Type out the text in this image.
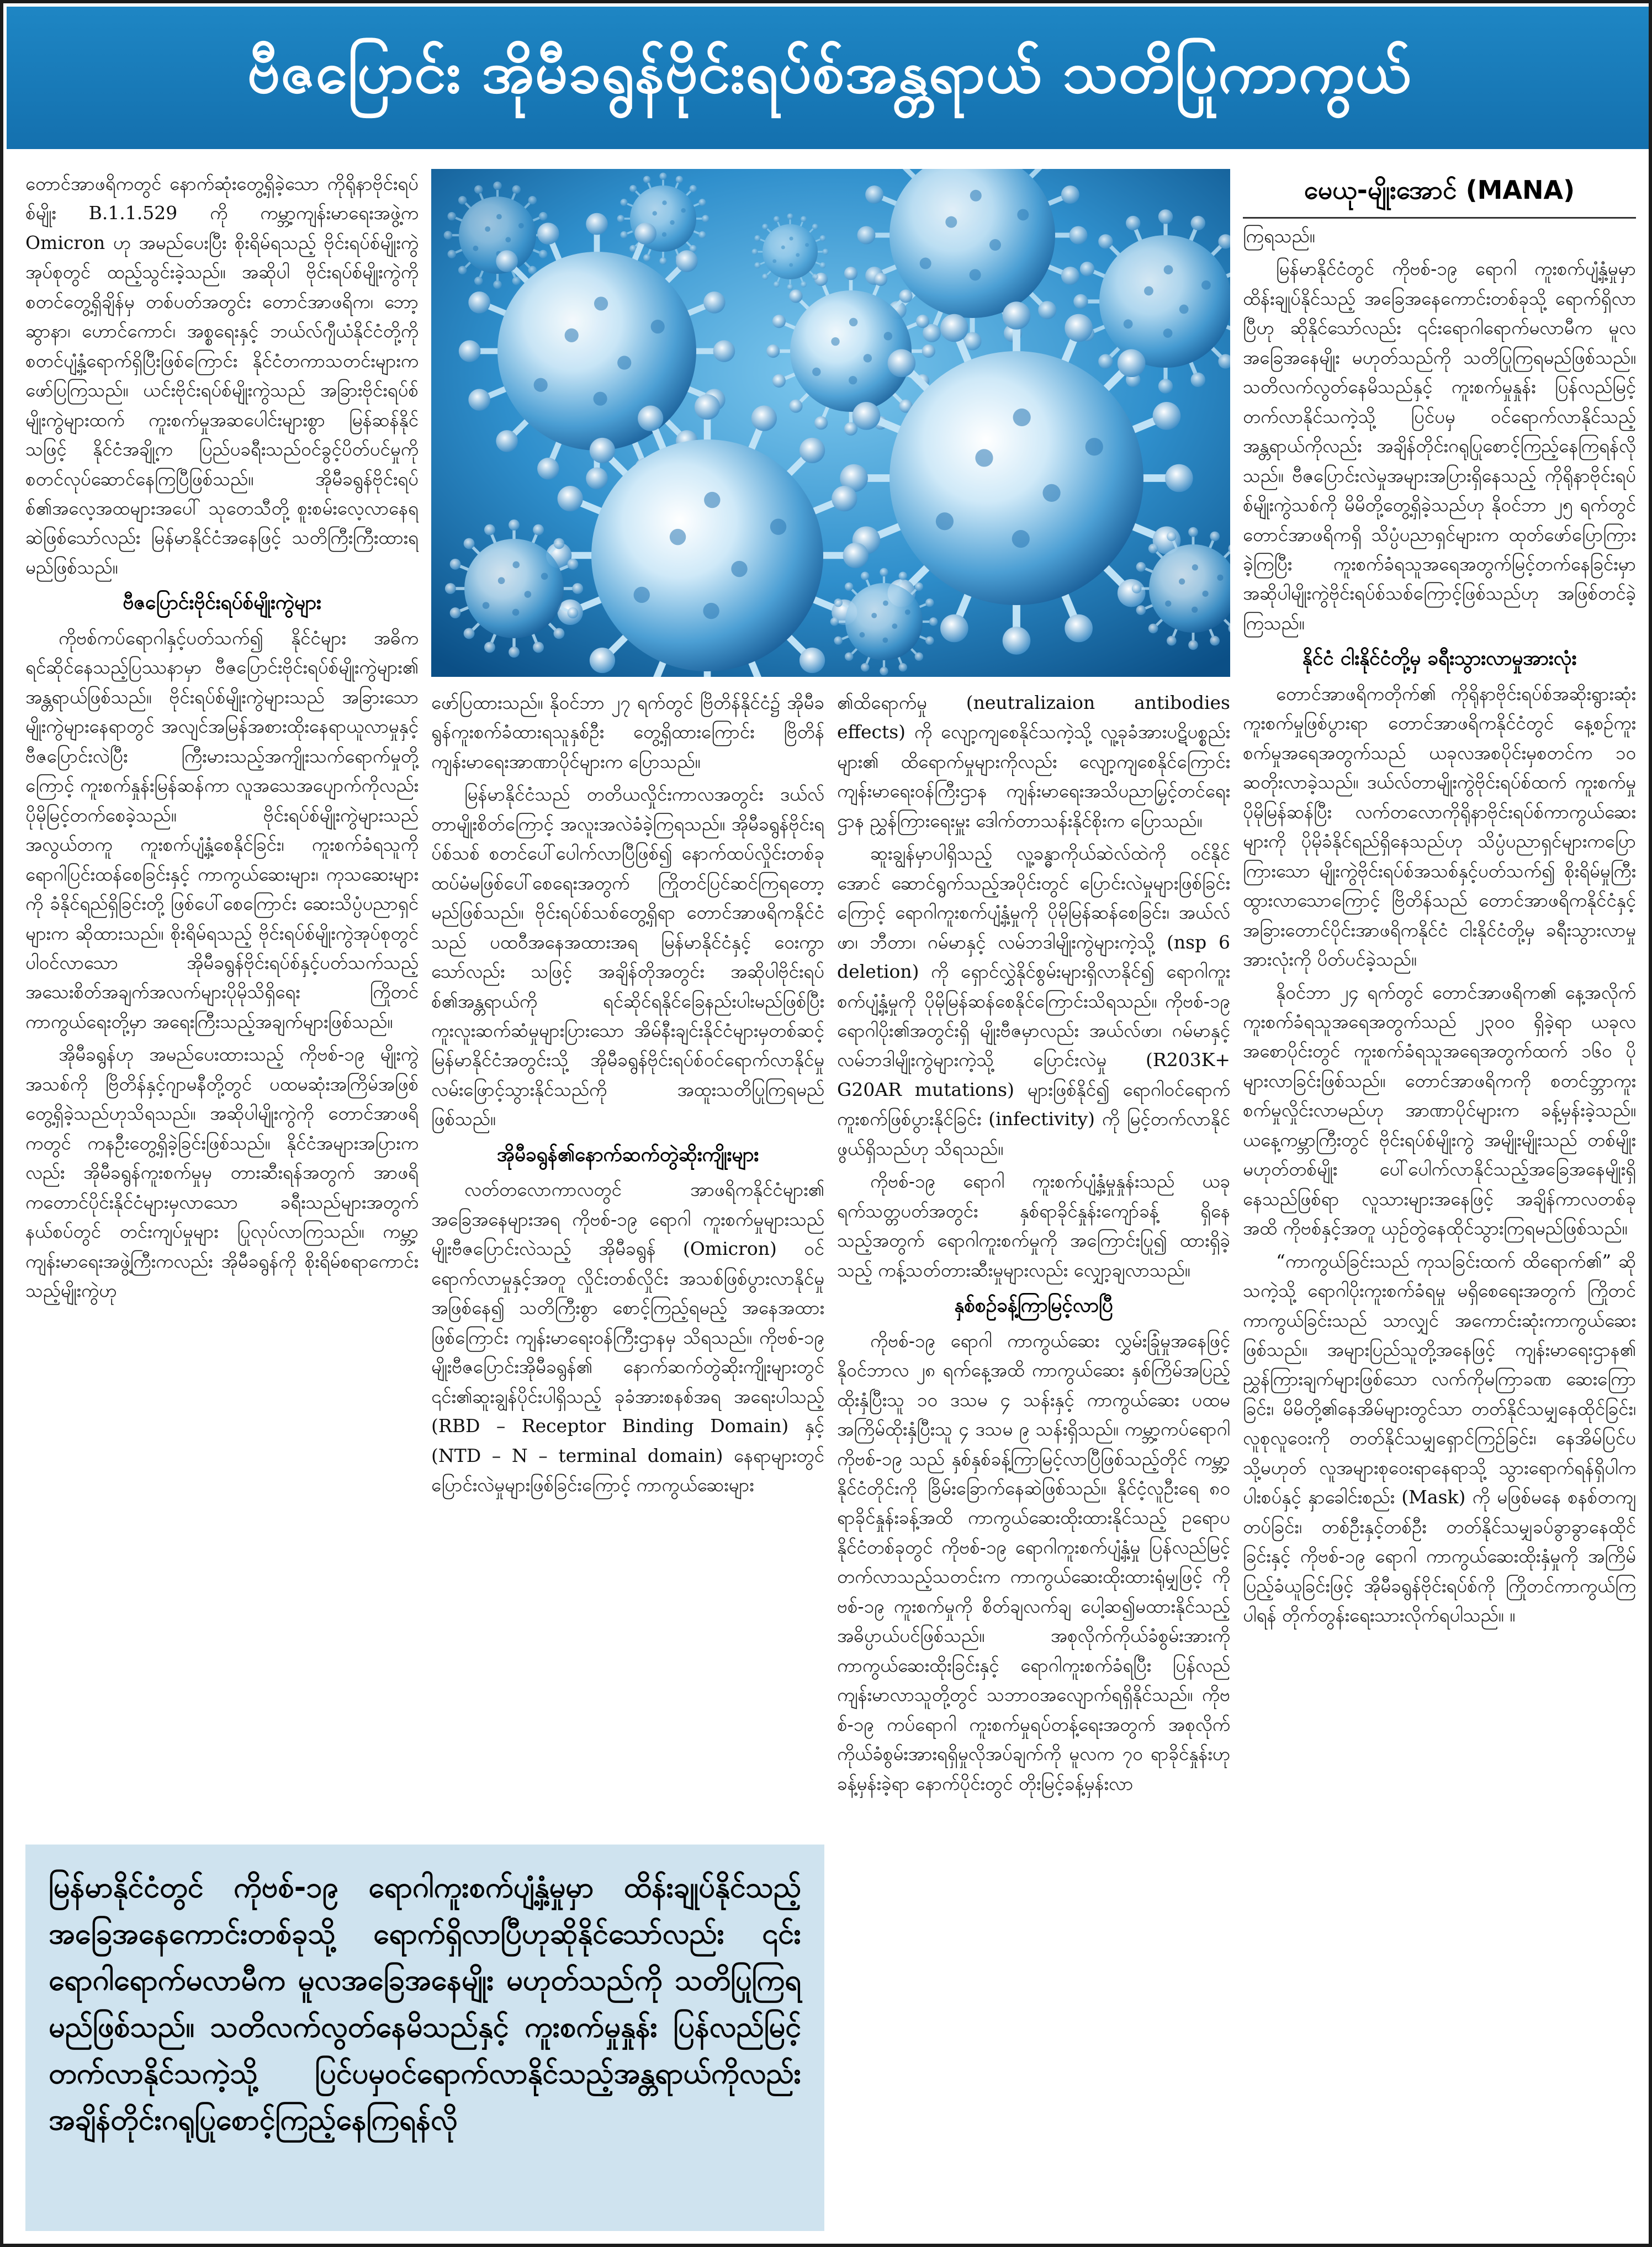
ဗီဇပြောင်း အိုမီခရွန်ဗိုင်းရပ်စ်အန္တရာယ် သတိပြုကာကွယ်

တောင်အာဖရိကတွင် နောက်ဆုံးတွေ့ရှိခဲ့သော ကိုရိုနာဗိုင်းရပ်စ်မျိုး B.1.1.529 ကို ကမ္ဘာ့ကျန်းမာရေးအဖွဲ့က Omicron ဟု အမည်ပေးပြီး စိုးရိမ်ရသည့် ဗိုင်းရပ်စ်မျိုးကွဲအုပ်စုတွင် ထည့်သွင်းခဲ့သည်။ အဆိုပါ ဗိုင်းရပ်စ်မျိုးကွဲကို စတင်တွေ့ရှိချိန်မှ တစ်ပတ်အတွင်း တောင်အာဖရိက၊ ဘော့ဆွာနာ၊ ဟောင်ကောင်၊ အစ္စရေးနှင့် ဘယ်လ်ဂျီယံနိုင်ငံတို့ကို စတင်ပျံ့နှံ့ရောက်ရှိပြီးဖြစ်ကြောင်း နိုင်ငံတကာသတင်းများက ဖော်ပြကြသည်။ ယင်းဗိုင်းရပ်စ်မျိုးကွဲသည် အခြားဗိုင်းရပ်စ်မျိုးကွဲများထက် ကူးစက်မှုအဆပေါင်းများစွာ မြန်ဆန်နိုင်သဖြင့် နိုင်ငံအချို့က ပြည်ပခရီးသည်ဝင်ခွင့်ပိတ်ပင်မှုကို စတင်လုပ်ဆောင်နေကြပြီဖြစ်သည်။ အိုမီခရွန်ဗိုင်းရပ်စ်၏အလေ့အထများအပေါ် သုတေသီတို့ စူးစမ်းလေ့လာနေရဆဲဖြစ်သော်လည်း မြန်မာနိုင်ငံအနေဖြင့် သတိကြီးကြီးထားရမည်ဖြစ်သည်။

ဗီဇပြောင်းဗိုင်းရပ်စ်မျိုးကွဲများ

ကိုဗစ်ကပ်ရောဂါနှင့်ပတ်သက်၍ နိုင်ငံများ အဓိကရင်ဆိုင်နေသည့်ပြဿနာမှာ ဗီဇပြောင်းဗိုင်းရပ်စ်မျိုးကွဲများ၏ အန္တရာယ်ဖြစ်သည်။ ဗိုင်းရပ်စ်မျိုးကွဲများသည် အခြားသောမျိုးကွဲများနေရာတွင် အလျင်အမြန်အစားထိုးနေရာယူလာမှုနှင့် ဗီဇပြောင်းလဲပြီး ကြီးမားသည့်အကျိုးသက်ရောက်မှုတို့ကြောင့် ကူးစက်နှုန်းမြန်ဆန်ကာ လူအသေအပျောက်ကိုလည်း ပိုမိုမြင့်တက်စေခဲ့သည်။ ဗိုင်းရပ်စ်မျိုးကွဲများသည် အလွယ်တကူ ကူးစက်ပျံ့နှံ့စေနိုင်ခြင်း၊ ကူးစက်ခံရသူကို ရောဂါပြင်းထန်စေခြင်းနှင့် ကာကွယ်ဆေးများ၊ ကုသဆေးများကို ခံနိုင်ရည်ရှိခြင်းတို့ ဖြစ်ပေါ်စေကြောင်း ဆေးသိပ္ပံပညာရှင်များက ဆိုထားသည်။ စိုးရိမ်ရသည့် ဗိုင်းရပ်စ်မျိုးကွဲအုပ်စုတွင် ပါဝင်လာသော အိုမီခရွန်ဗိုင်းရပ်စ်နှင့်ပတ်သက်သည့် အသေးစိတ်အချက်အလက်များပိုမိုသိရှိရေး ကြိုတင်ကာကွယ်ရေးတို့မှာ အရေးကြီးသည့်အချက်များဖြစ်သည်။

အိုမီခရွန်ဟု အမည်ပေးထားသည့် ကိုဗစ်-၁၉ မျိုးကွဲအသစ်ကို ဗြိတိန်နှင့်ဂျာမနီတို့တွင် ပထမဆုံးအကြိမ်အဖြစ် တွေ့ရှိခဲ့သည်ဟုသိရသည်။ အဆိုပါမျိုးကွဲကို တောင်အာဖရိကတွင် ကနဦးတွေ့ရှိခဲ့ခြင်းဖြစ်သည်။ နိုင်ငံအများအပြားကလည်း အိုမီခရွန်ကူးစက်မှုမှ တားဆီးရန်အတွက် အာဖရိကတောင်ပိုင်းနိုင်ငံများမှလာသော ခရီးသည်များအတွက် နယ်စပ်တွင် တင်းကျပ်မှုများ ပြုလုပ်လာကြသည်။ ကမ္ဘာ့ကျန်းမာရေးအဖွဲ့ကြီးကလည်း အိုမီခရွန်ကို စိုးရိမ်စရာကောင်းသည့်မျိုးကွဲဟု

ဖော်ပြထားသည်။ နိုဝင်ဘာ ၂၇ ရက်တွင် ဗြိတိန်နိုင်ငံ၌ အိုမီခရွန်ကူးစက်ခံထားရသူနှစ်ဦး တွေ့ရှိထားကြောင်း ဗြိတိန်ကျန်းမာရေးအာဏာပိုင်များက ပြောသည်။

မြန်မာနိုင်ငံသည် တတိယလှိုင်းကာလအတွင်း ဒယ်လ်တာမျိုးစိတ်ကြောင့် အလူးအလဲခံခဲ့ကြရသည်။ အိုမီခရွန်ဗိုင်းရပ်စ်သစ် စတင်ပေါ်ပေါက်လာပြီဖြစ်၍ နောက်ထပ်လှိုင်းတစ်ခု ထပ်မံမဖြစ်ပေါ်စေရေးအတွက် ကြိုတင်ပြင်ဆင်ကြရတော့မည်ဖြစ်သည်။ ဗိုင်းရပ်စ်သစ်တွေ့ရှိရာ တောင်အာဖရိကနိုင်ငံသည် ပထဝီအနေအထားအရ မြန်မာနိုင်ငံနှင့် ဝေးကွာသော်လည်း သဖြင့် အချိန်တိုအတွင်း အဆိုပါဗိုင်းရပ်စ်၏အန္တရာယ်ကို ရင်ဆိုင်ရနိုင်ခြေနည်းပါးမည်ဖြစ်ပြီး ကူးလူးဆက်ဆံမှုများပြားသော အိမ်နီးချင်းနိုင်ငံများမှတစ်ဆင့် မြန်မာနိုင်ငံအတွင်းသို့ အိုမီခရွန်ဗိုင်းရပ်စ်ဝင်ရောက်လာနိုင်မှု လမ်းဖြောင့်သွားနိုင်သည်ကို အထူးသတိပြုကြရမည်ဖြစ်သည်။

အိုမီခရွန်၏နောက်ဆက်တွဲဆိုးကျိုးများ

လတ်တလောကာလတွင် အာဖရိကနိုင်ငံများ၏ အခြေအနေများအရ ကိုဗစ်-၁၉ ရောဂါ ကူးစက်မှုများသည် မျိုးဗီဇပြောင်းလဲသည့် အိုမီခရွန် (Omicron) ဝင်ရောက်လာမှုနှင့်အတူ လှိုင်းတစ်လှိုင်း အသစ်ဖြစ်ပွားလာနိုင်မှု အဖြစ်နေ၍ သတိကြီးစွာ စောင့်ကြည့်ရမည့် အနေအထားဖြစ်ကြောင်း ကျန်းမာရေးဝန်ကြီးဌာနမှ သိရသည်။ ကိုဗစ်-၁၉ မျိုးဗီဇပြောင်းအိုမီခရွန်၏ နောက်ဆက်တွဲဆိုးကျိုးများတွင် ၎င်း၏ဆူးချွန်ပိုင်းပါရှိသည့် ခုခံအားစနစ်အရ အရေးပါသည့် (RBD – Receptor Binding Domain) နှင့် (NTD – N – terminal domain) နေရာများတွင် ပြောင်းလဲမှုများဖြစ်ခြင်းကြောင့် ကာကွယ်ဆေးများ

၏ထိရောက်မှု (neutralizaion antibodies effects) ကို လျော့ကျစေနိုင်သကဲ့သို့ လူ့ခုခံအားပဋိပစ္စည်းများ၏ ထိရောက်မှုများကိုလည်း လျော့ကျစေနိုင်ကြောင်း ကျန်းမာရေးဝန်ကြီးဌာန ကျန်းမာရေးအသိပညာမြှင့်တင်ရေးဌာန ညွှန်ကြားရေးမှူး ဒေါက်တာသန်းနိုင်စိုးက ပြောသည်။

ဆူးချွန်မှာပါရှိသည့် လူ့ခန္ဓာကိုယ်ဆဲလ်ထဲကို ဝင်နိုင်အောင် ဆောင်ရွက်သည့်အပိုင်းတွင် ပြောင်းလဲမှုများဖြစ်ခြင်းကြောင့် ရောဂါကူးစက်ပျံ့နှံ့မှုကို ပိုမိုမြန်ဆန်စေခြင်း၊ အယ်လ်ဖာ၊ ဘီတာ၊ ဂမ်မာနှင့် လမ်ဘဒါမျိုးကွဲများကဲ့သို့ (nsp 6 deletion) ကို ရှောင်လွှဲနိုင်စွမ်းများရှိလာနိုင်၍ ရောဂါကူးစက်ပျံ့နှံ့မှုကို ပိုမိုမြန်ဆန်စေနိုင်ကြောင်းသိရသည်။ ကိုဗစ်-၁၉ ရောဂါပိုး၏အတွင်းရှိ မျိုးဗီဇမှာလည်း အယ်လ်ဖာ၊ ဂမ်မာနှင့် လမ်ဘဒါမျိုးကွဲများကဲ့သို့ ပြောင်းလဲမှု (R203K+ G20AR mutations) များဖြစ်နိုင်၍ ရောဂါဝင်ရောက်ကူးစက်ဖြစ်ပွားနိုင်ခြင်း (infectivity) ကို မြင့်တက်လာနိုင်ဖွယ်ရှိသည်ဟု သိရသည်။

ကိုဗစ်-၁၉ ရောဂါ ကူးစက်ပျံ့နှံ့မှုနှုန်းသည် ယခုရက်သတ္တပတ်အတွင်း နှစ်ရာခိုင်နှုန်းကျော်ခန့် ရှိနေသည့်အတွက် ရောဂါကူးစက်မှုကို အကြောင်းပြု၍ ထားရှိခဲ့သည့် ကန့်သတ်တားဆီးမှုများလည်း လျှော့ချလာသည်။

နှစ်စဉ်ခန့်ကြာမြင့်လာပြီ

ကိုဗစ်-၁၉ ရောဂါ ကာကွယ်ဆေး လွှမ်းခြုံမှုအနေဖြင့် နိုဝင်ဘာလ ၂၈ ရက်နေ့အထိ ကာကွယ်ဆေး နှစ်ကြိမ်အပြည့်ထိုးနှံပြီးသူ ၁၀ ဒသမ ၄ သန်းနှင့် ကာကွယ်ဆေး ပထမအကြိမ်ထိုးနှံပြီးသူ ၄ ဒသမ ၉ သန်းရှိသည်။ ကမ္ဘာ့ကပ်ရောဂါ ကိုဗစ်-၁၉ သည် နှစ်နှစ်ခန့်ကြာမြင့်လာပြီဖြစ်သည့်တိုင် ကမ္ဘာ့နိုင်ငံတိုင်းကို ခြိမ်းခြောက်နေဆဲဖြစ်သည်။ နိုင်ငံ့လူဦးရေ ၈၀ ရာခိုင်နှုန်းခန့်အထိ ကာကွယ်ဆေးထိုးထားနိုင်သည့် ဥရောပနိုင်ငံတစ်ခုတွင် ကိုဗစ်-၁၉ ရောဂါကူးစက်ပျံ့နှံ့မှု ပြန်လည်မြင့်တက်လာသည့်သတင်းက ကာကွယ်ဆေးထိုးထားရုံမျှဖြင့် ကိုဗစ်-၁၉ ကူးစက်မှုကို စိတ်ချလက်ချ ပေါ့ဆ၍မထားနိုင်သည့် အဓိပ္ပာယ်ပင်ဖြစ်သည်။ အစုလိုက်ကိုယ်ခံစွမ်းအားကို ကာကွယ်ဆေးထိုးခြင်းနှင့် ရောဂါကူးစက်ခံရပြီး ပြန်လည်ကျန်းမာလာသူတို့တွင် သဘာဝအလျောက်ရရှိနိုင်သည်။ ကိုဗစ်-၁၉ ကပ်ရောဂါ ကူးစက်မှုရပ်တန့်ရေးအတွက် အစုလိုက်ကိုယ်ခံစွမ်းအားရရှိမှုလိုအပ်ချက်ကို မူလက ၇၀ ရာခိုင်နှုန်းဟု ခန့်မှန်းခဲ့ရာ နောက်ပိုင်းတွင် တိုးမြင့်ခန့်မှန်းလာ

မေယု-မျိုးအောင် (MANA)

ကြရသည်။

မြန်မာနိုင်ငံတွင် ကိုဗစ်-၁၉ ရောဂါ ကူးစက်ပျံ့နှံ့မှုမှာ ထိန်းချုပ်နိုင်သည့် အခြေအနေကောင်းတစ်ခုသို့ ရောက်ရှိလာပြီဟု ဆိုနိုင်သော်လည်း ၎င်းရောဂါရောက်မလာမီက မူလအခြေအနေမျိုး မဟုတ်သည်ကို သတိပြုကြရမည်ဖြစ်သည်။ သတိလက်လွတ်နေမိသည်နှင့် ကူးစက်မှုနှုန်း ပြန်လည်မြင့်တက်လာနိုင်သကဲ့သို့ ပြင်ပမှ ဝင်ရောက်လာနိုင်သည့်အန္တရာယ်ကိုလည်း အချိန်တိုင်းဂရုပြုစောင့်ကြည့်နေကြရန်လိုသည်။ ဗီဇပြောင်းလဲမှုအများအပြားရှိနေသည့် ကိုရိုနာဗိုင်းရပ်စ်မျိုးကွဲသစ်ကို မိမိတို့တွေ့ရှိခဲ့သည်ဟု နိုဝင်ဘာ ၂၅ ရက်တွင် တောင်အာဖရိကရှိ သိပ္ပံပညာရှင်များက ထုတ်ဖော်ပြောကြားခဲ့ကြပြီး ကူးစက်ခံရသူအရေအတွက်မြင့်တက်နေခြင်းမှာ အဆိုပါမျိုးကွဲဗိုင်းရပ်စ်သစ်ကြောင့်ဖြစ်သည်ဟု အဖြစ်တင်ခဲ့ကြသည်။

နိုင်ငံ ငါးနိုင်ငံတို့မှ ခရီးသွားလာမှုအားလုံး

တောင်အာဖရိကတိုက်၏ ကိုရိုနာဗိုင်းရပ်စ်အဆိုးရွားဆုံးကူးစက်မှုဖြစ်ပွားရာ တောင်အာဖရိကနိုင်ငံတွင် နေ့စဉ်ကူးစက်မှုအရေအတွက်သည် ယခုလအစပိုင်းမှစတင်က ၁၀ ဆတိုးလာခဲ့သည်။ ဒယ်လ်တာမျိုးကွဲဗိုင်းရပ်စ်ထက် ကူးစက်မှု ပိုမိုမြန်ဆန်ပြီး လက်တလောကိုရိုနာဗိုင်းရပ်စ်ကာကွယ်ဆေးများကို ပိုမိုခံနိုင်ရည်ရှိနေသည်ဟု သိပ္ပံပညာရှင်များကပြောကြားသော မျိုးကွဲဗိုင်းရပ်စ်အသစ်နှင့်ပတ်သက်၍ စိုးရိမ်မှုကြီးထွားလာသောကြောင့် ဗြိတိန်သည် တောင်အာဖရိကနိုင်ငံနှင့် အခြားတောင်ပိုင်းအာဖရိကနိုင်ငံ ငါးနိုင်ငံတို့မှ ခရီးသွားလာမှုအားလုံးကို ပိတ်ပင်ခဲ့သည်။

နိုဝင်ဘာ ၂၄ ရက်တွင် တောင်အာဖရိက၏ နေ့အလိုက် ကူးစက်ခံရသူအရေအတွက်သည် ၂၃၀၀ ရှိခဲ့ရာ ယခုလအစောပိုင်းတွင် ကူးစက်ခံရသူအရေအတွက်ထက် ၁၆၀ ပိုများလာခြင်းဖြစ်သည်။ တောင်အာဖရိကကို စတင်ဘ္ဘာကူးစက်မှုလှိုင်းလာမည်ဟု အာဏာပိုင်များက ခန့်မှန်းခဲ့သည်။ ယနေ့ကမ္ဘာကြီးတွင် ဗိုင်းရပ်စ်မျိုးကွဲ အမျိုးမျိုးသည် တစ်မျိုးမဟုတ်တစ်မျိုး ပေါ်ပေါက်လာနိုင်သည့်အခြေအနေမျိုးရှိနေသည်ဖြစ်ရာ လူသားများအနေဖြင့် အချိန်ကာလတစ်ခုအထိ ကိုဗစ်နှင့်အတူ ယှဉ်တွဲနေထိုင်သွားကြရမည်ဖြစ်သည်။

“ကာကွယ်ခြင်းသည် ကုသခြင်းထက် ထိရောက်၏” ဆိုသကဲ့သို့ ရောဂါပိုးကူးစက်ခံရမှု မရှိစေရေးအတွက် ကြိုတင်ကာကွယ်ခြင်းသည် သာလျှင် အကောင်းဆုံးကာကွယ်ဆေးဖြစ်သည်။ အများပြည်သူတို့အနေဖြင့် ကျန်းမာရေးဌာန၏ ညွှန်ကြားချက်များဖြစ်သော လက်ကိုမကြာခဏ ဆေးကြောခြင်း၊ မိမိတို့၏နေအိမ်များတွင်သာ တတ်နိုင်သမျှနေထိုင်ခြင်း၊ လူစုလူဝေးကို တတ်နိုင်သမျှရှောင်ကြဉ်ခြင်း၊ နေအိမ်ပြင်ပ သို့မဟုတ် လူအများစုဝေးရာနေရာသို့ သွားရောက်ရန်ရှိပါက ပါးစပ်နှင့် နှာခေါင်းစည်း (Mask) ကို မဖြစ်မနေ စနစ်တကျတပ်ခြင်း၊ တစ်ဦးနှင့်တစ်ဦး တတ်နိုင်သမျှခပ်ခွာခွာနေထိုင်ခြင်းနှင့် ကိုဗစ်-၁၉ ရောဂါ ကာကွယ်ဆေးထိုးနှံမှုကို အကြိမ်ပြည့်ခံယူခြင်းဖြင့် အိုမီခရွန်ဗိုင်းရပ်စ်ကို ကြိုတင်ကာကွယ်ကြပါရန် တိုက်တွန်းရေးသားလိုက်ရပါသည်။ ။

မြန်မာနိုင်ငံတွင် ကိုဗစ်-၁၉ ရောဂါကူးစက်ပျံ့နှံ့မှုမှာ ထိန်းချုပ်နိုင်သည့် အခြေအနေကောင်းတစ်ခုသို့ ရောက်ရှိလာပြီဟုဆိုနိုင်သော်လည်း ၎င်းရောဂါရောက်မလာမီက မူလအခြေအနေမျိုး မဟုတ်သည်ကို သတိပြုကြရမည်ဖြစ်သည်။ သတိလက်လွတ်နေမိသည်နှင့် ကူးစက်မှုနှုန်း ပြန်လည်မြင့်တက်လာနိုင်သကဲ့သို့ ပြင်ပမှဝင်ရောက်လာနိုင်သည့်အန္တရာယ်ကိုလည်း အချိန်တိုင်းဂရုပြုစောင့်ကြည့်နေကြရန်လို
